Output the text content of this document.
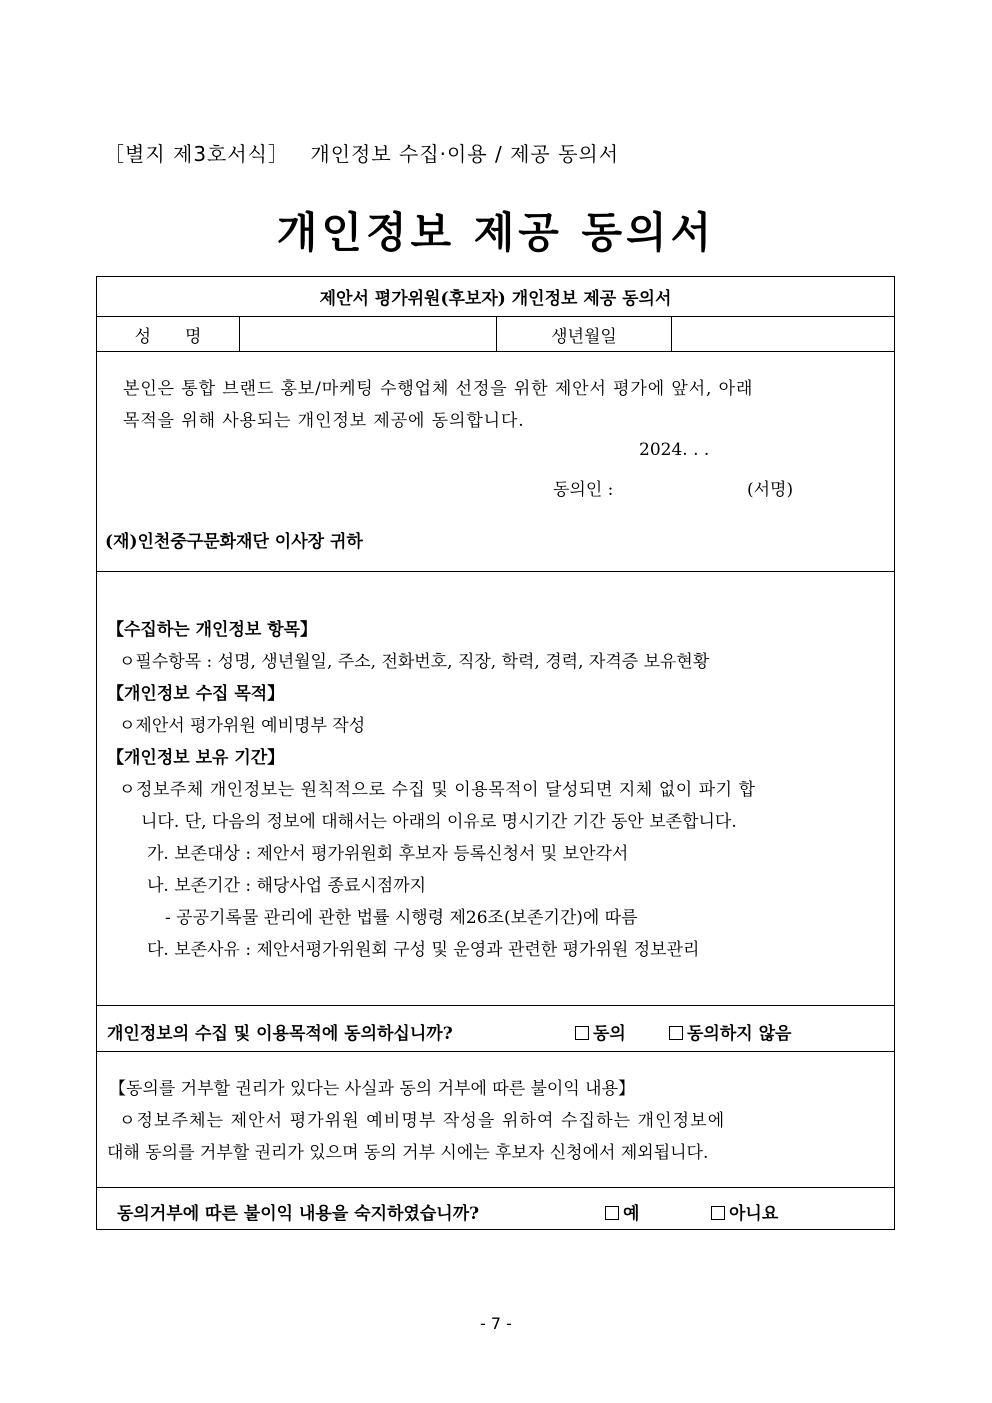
［별지 제3호서식］ 개인정보 수집·이용 / 제공 동의서
개인정보 제공 동의서
제안서 평가위원(후보자) 개인정보 제공 동의서
성　　명	생년월일
본인은 통합 브랜드 홍보/마케팅 수행업체 선정을 위한 제안서 평가에 앞서, 아래
목적을 위해 사용되는 개인정보 제공에 동의합니다.
2024. . .
동의인 :	(서명)
(재)인천중구문화재단 이사장 귀하
【수집하는 개인정보 항목】
ㅇ필수항목 : 성명, 생년월일, 주소, 전화번호, 직장, 학력, 경력, 자격증 보유현황
【개인정보 수집 목적】
ㅇ제안서 평가위원 예비명부 작성
【개인정보 보유 기간】
ㅇ정보주체 개인정보는 원칙적으로 수집 및 이용목적이 달성되면 지체 없이 파기 합
니다. 단, 다음의 정보에 대해서는 아래의 이유로 명시기간 기간 동안 보존합니다.
가. 보존대상 : 제안서 평가위원회 후보자 등록신청서 및 보안각서
나. 보존기간 : 해당사업 종료시점까지
- 공공기록물 관리에 관한 법률 시행령 제26조(보존기간)에 따름
다. 보존사유 : 제안서평가위원회 구성 및 운영과 관련한 평가위원 정보관리
개인정보의 수집 및 이용목적에 동의하십니까?	동의	동의하지 않음
【동의를 거부할 권리가 있다는 사실과 동의 거부에 따른 불이익 내용】
ㅇ정보주체는 제안서 평가위원 예비명부 작성을 위하여 수집하는 개인정보에
대해 동의를 거부할 권리가 있으며 동의 거부 시에는 후보자 신청에서 제외됩니다.
동의거부에 따른 불이익 내용을 숙지하였습니까?	예	아니요
- 7 -
